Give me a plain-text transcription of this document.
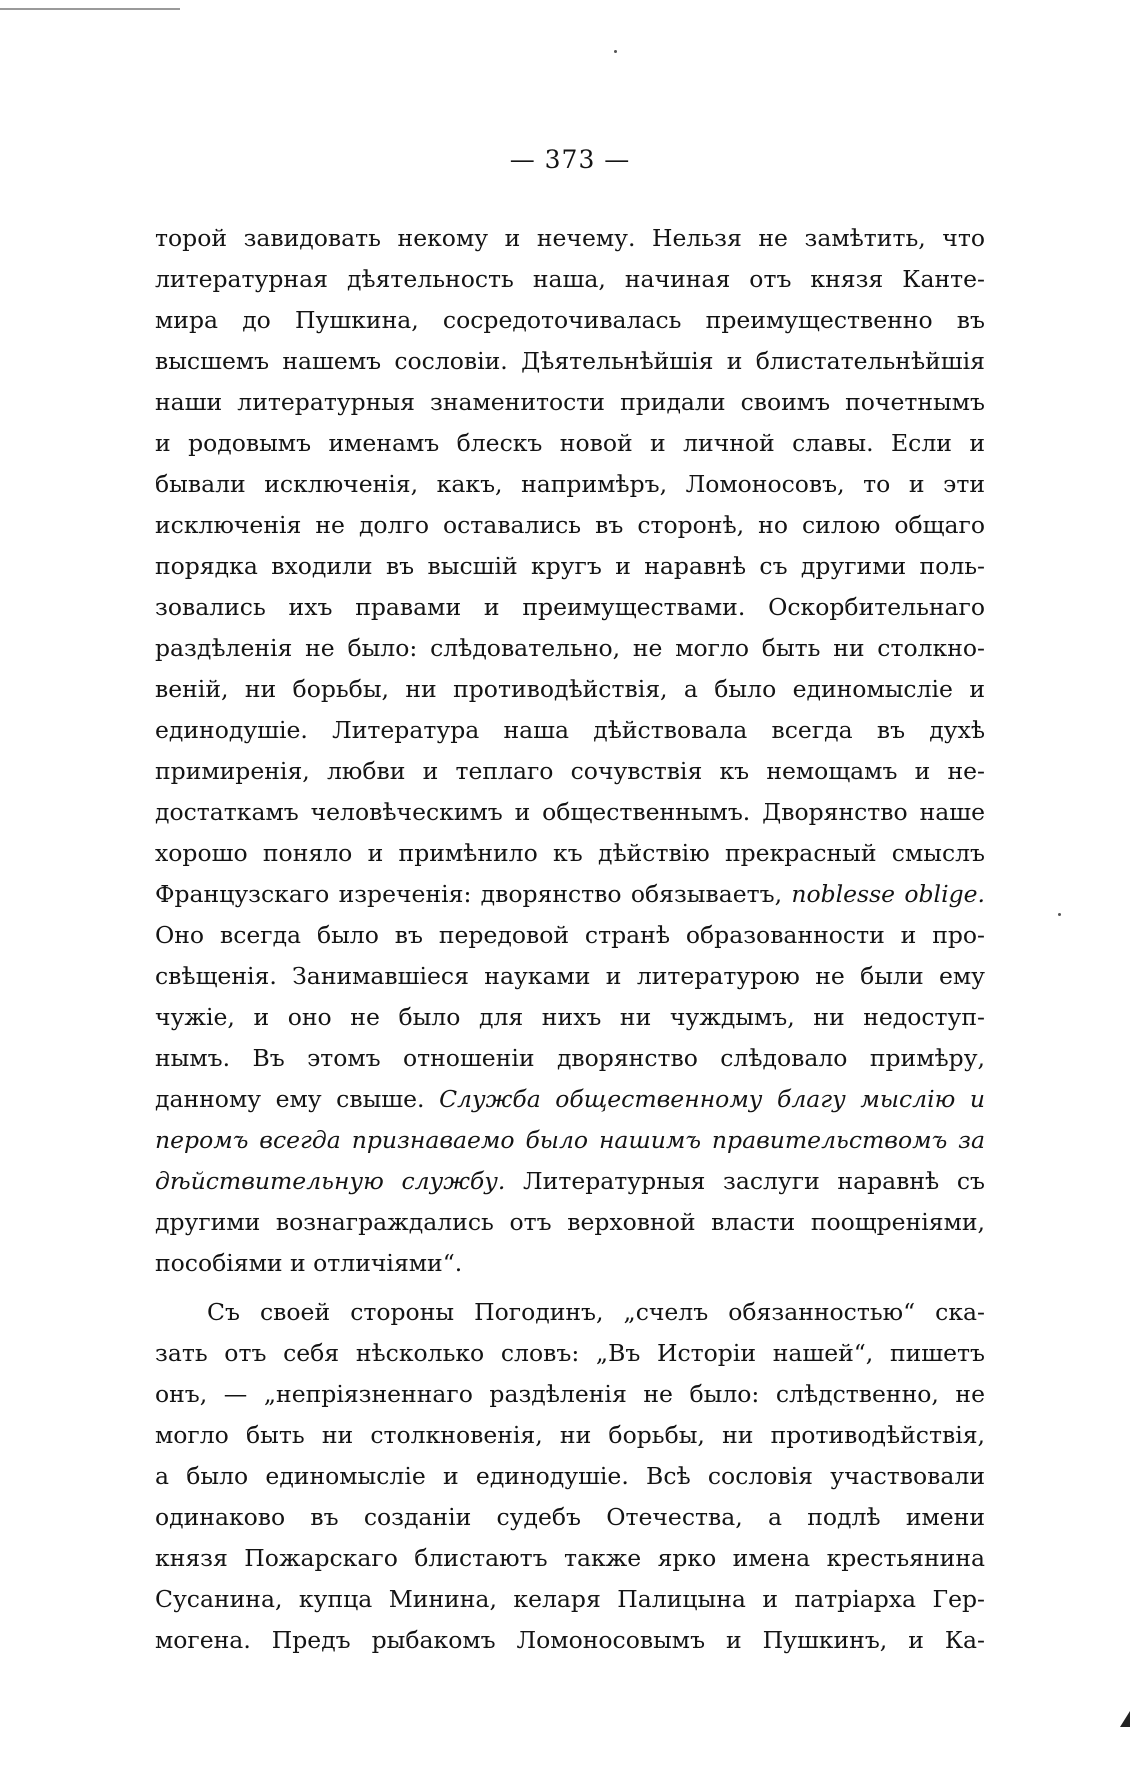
— 373 —
торой завидовать некому и нечему. Нельзя не замѣтить, что
литературная дѣятельность наша, начиная отъ князя Канте-
мира до Пушкина, сосредоточивалась преимущественно въ
высшемъ нашемъ сословіи. Дѣятельнѣйшія и блистательнѣйшія
наши литературныя знаменитости придали своимъ почетнымъ
и родовымъ именамъ блескъ новой и личной славы. Если и
бывали исключенія, какъ, напримѣръ, Ломоносовъ, то и эти
исключенія не долго оставались въ сторонѣ, но силою общаго
порядка входили въ высшій кругъ и наравнѣ съ другими поль-
зовались ихъ правами и преимуществами. Оскорбительнаго
раздѣленія не было: слѣдовательно, не могло быть ни столкно-
веній, ни борьбы, ни противодѣйствія, а было единомысліе и
единодушіе. Литература наша дѣйствовала всегда въ духѣ
примиренія, любви и теплаго сочувствія къ немощамъ и не-
достаткамъ человѣческимъ и общественнымъ. Дворянство наше
хорошо поняло и примѣнило къ дѣйствію прекрасный смыслъ
Французскаго изреченія: дворянство обязываетъ, noblesse oblige.
Оно всегда было въ передовой странѣ образованности и про-
свѣщенія. Занимавшіеся науками и литературою не были ему
чужіе, и оно не было для нихъ ни чуждымъ, ни недоступ-
нымъ. Въ этомъ отношеніи дворянство слѣдовало примѣру,
данному ему свыше. Служба общественному благу мыслію и
перомъ всегда признаваемо было нашимъ правительствомъ за
дѣйствительную службу. Литературныя заслуги наравнѣ съ
другими вознаграждались отъ верховной власти поощреніями,
пособіями и отличіями“.
Съ своей стороны Погодинъ, „счелъ обязанностью“ ска-
зать отъ себя нѣсколько словъ: „Въ Исторіи нашей“, пишетъ
онъ, — „непріязненнаго раздѣленія не было: слѣдственно, не
могло быть ни столкновенія, ни борьбы, ни противодѣйствія,
а было единомысліе и единодушіе. Всѣ сословія участвовали
одинаково въ созданіи судебъ Отечества, а подлѣ имени
князя Пожарскаго блистаютъ также ярко имена крестьянина
Сусанина, купца Минина, келаря Палицына и патріарха Гер-
могена. Предъ рыбакомъ Ломоносовымъ и Пушкинъ, и Ка-
